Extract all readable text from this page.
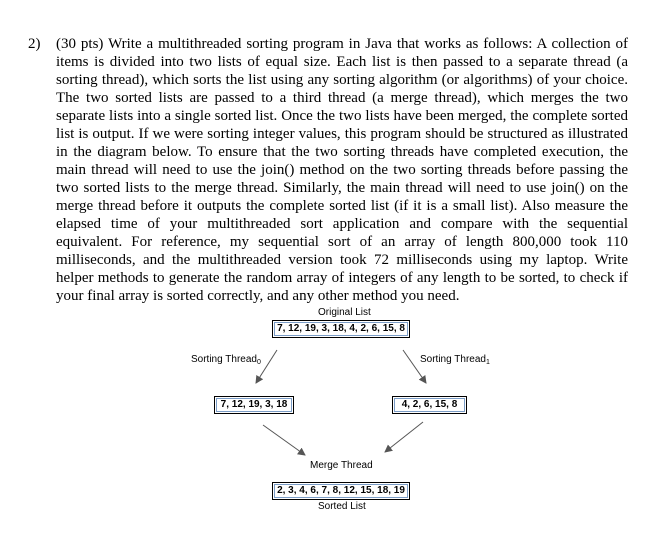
2) (30 pts) Write a multithreaded sorting program in Java that works as follows: A collection of items is divided into two lists of equal size. Each list is then passed to a separate thread (a sorting thread), which sorts the list using any sorting algorithm (or algorithms) of your choice. The two sorted lists are passed to a third thread (a merge thread), which merges the two separate lists into a single sorted list. Once the two lists have been merged, the complete sorted list is output. If we were sorting integer values, this program should be structured as illustrated in the diagram below. To ensure that the two sorting threads have completed execution, the main thread will need to use the join() method on the two sorting threads before passing the two sorted lists to the merge thread. Similarly, the main thread will need to use join() on the merge thread before it outputs the complete sorted list (if it is a small list). Also measure the elapsed time of your multithreaded sort application and compare with the sequential equivalent. For reference, my sequential sort of an array of length 800,000 took 110 milliseconds, and the multithreaded version took 72 milliseconds using my laptop. Write helper methods to generate the random array of integers of any length to be sorted, to check if your final array is sorted correctly, and any other method you need.
Original List
7, 12, 19, 3, 18, 4, 2, 6, 15, 8
Sorting Thread$_0$	Sorting Thread$_1$
7, 12, 19, 3, 18	4, 2, 6, 15, 8
Merge Thread
2, 3, 4, 6, 7, 8, 12, 15, 18, 19
Sorted List
